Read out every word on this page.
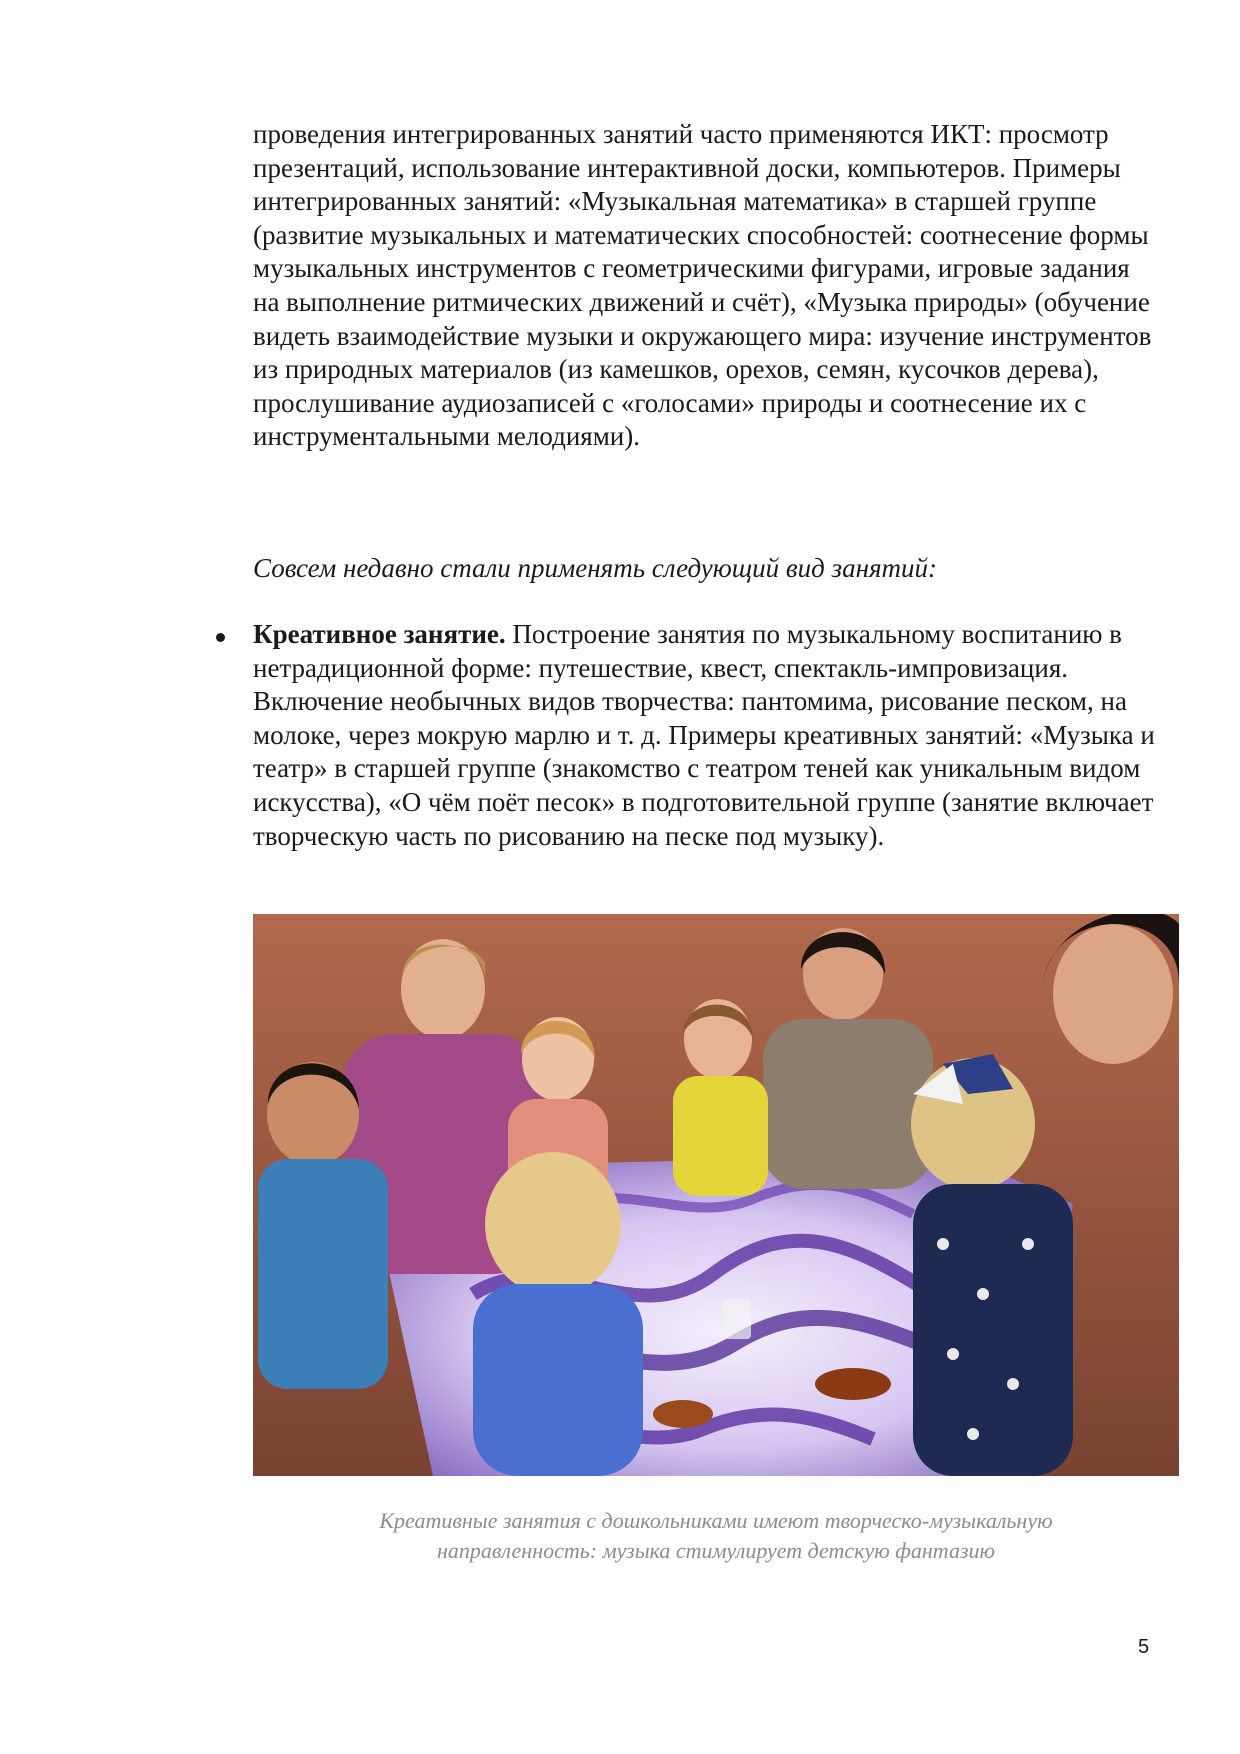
проведения интегрированных занятий часто применяются ИКТ: просмотр презентаций, использование интерактивной доски, компьютеров. Примеры интегрированных занятий: «Музыкальная математика» в старшей группе (развитие музыкальных и математических способностей: соотнесение формы музыкальных инструментов с геометрическими фигурами, игровые задания на выполнение ритмических движений и счёт), «Музыка природы» (обучение видеть взаимодействие музыки и окружающего мира: изучение инструментов из природных материалов (из камешков, орехов, семян, кусочков дерева), прослушивание аудиозаписей с «голосами» природы и соотнесение их с инструментальными мелодиями).

Совсем недавно стали применять следующий вид занятий:

Креативное занятие. Построение занятия по музыкальному воспитанию в нетрадиционной форме: путешествие, квест, спектакль-импровизация. Включение необычных видов творчества: пантомима, рисование песком, на молоке, через мокрую марлю и т. д. Примеры креативных занятий: «Музыка и театр» в старшей группе (знакомство с театром теней как уникальным видом искусства), «О чём поёт песок» в подготовительной группе (занятие включает творческую часть по рисованию на песке под музыку).

Креативные занятия с дошкольниками имеют творческо-музыкальную
направленность: музыка стимулирует детскую фантазию

5
